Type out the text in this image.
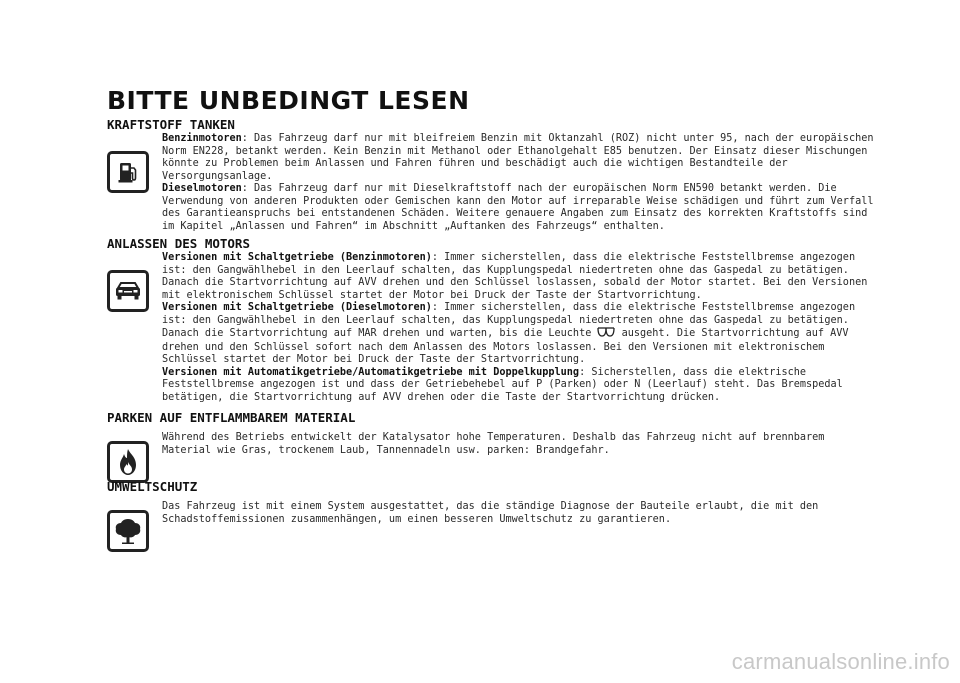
BITTE UNBEDINGT LESEN
KRAFTSTOFF TANKEN

Benzinmotoren: Das Fahrzeug darf nur mit bleifreiem Benzin mit Oktanzahl (ROZ) nicht unter 95, nach der europäischen Norm EN228, betankt werden. Kein Benzin mit Methanol oder Ethanolgehalt E85 benutzen. Der Einsatz dieser Mischungen könnte zu Problemen beim Anlassen und Fahren führen und beschädigt auch die wichtigen Bestandteile der Versorgungsanlage.

Dieselmotoren: Das Fahrzeug darf nur mit Dieselkraftstoff nach der europäischen Norm EN590 betankt werden. Die Verwendung von anderen Produkten oder Gemischen kann den Motor auf irreparable Weise schädigen und führt zum Verfall des Garantieanspruchs bei entstandenen Schäden. Weitere genauere Angaben zum Einsatz des korrekten Kraftstoffs sind im Kapitel „Anlassen und Fahren“ im Abschnitt „Auftanken des Fahrzeugs“ enthalten.

ANLASSEN DES MOTORS

Versionen mit Schaltgetriebe (Benzinmotoren): Immer sicherstellen, dass die elektrische Feststellbremse angezogen ist: den Gangwählhebel in den Leerlauf schalten, das Kupplungspedal niedertreten ohne das Gaspedal zu betätigen. Danach die Startvorrichtung auf AVV drehen und den Schlüssel loslassen, sobald der Motor startet. Bei den Versionen mit elektronischem Schlüssel startet der Motor bei Druck der Taste der Startvorrichtung.

Versionen mit Schaltgetriebe (Dieselmotoren): Immer sicherstellen, dass die elektrische Feststellbremse angezogen ist: den Gangwählhebel in den Leerlauf schalten, das Kupplungspedal niedertreten ohne das Gaspedal zu betätigen. Danach die Startvorrichtung auf MAR drehen und warten, bis die Leuchte	ausgeht. Die Startvorrichtung auf AVV drehen und den Schlüssel sofort nach dem Anlassen des Motors loslassen. Bei den Versionen mit elektronischem Schlüssel startet der Motor bei Druck der Taste der Startvorrichtung.

Versionen mit Automatikgetriebe/Automatikgetriebe mit Doppelkupplung: Sicherstellen, dass die elektrische Feststellbremse angezogen ist und dass der Getriebehebel auf P (Parken) oder N (Leerlauf) steht. Das Bremspedal betätigen, die Startvorrichtung auf AVV drehen oder die Taste der Startvorrichtung drücken.

PARKEN AUF ENTFLAMMBAREM MATERIAL

Während des Betriebs entwickelt der Katalysator hohe Temperaturen. Deshalb das Fahrzeug nicht auf brennbarem Material wie Gras, trockenem Laub, Tannennadeln usw. parken: Brandgefahr.

UMWELTSCHUTZ

Das Fahrzeug ist mit einem System ausgestattet, das die ständige Diagnose der Bauteile erlaubt, die mit den Schadstoffemissionen zusammenhängen, um einen besseren Umweltschutz zu garantieren.

carmanualsonline.info
